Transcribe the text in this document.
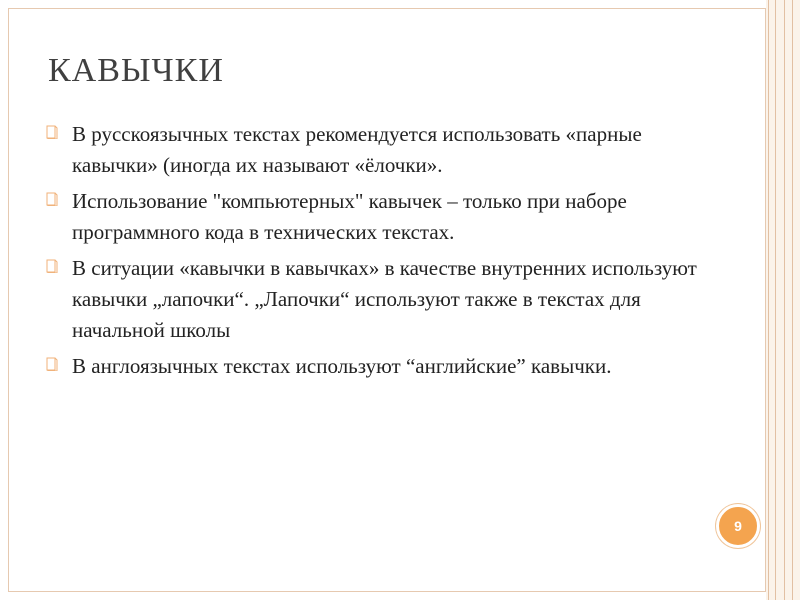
КАВЫЧКИ
В русскоязычных текстах рекомендуется использовать «парные кавычки» (иногда их называют «ёлочки».
Использование "компьютерных" кавычек – только при наборе программного кода в технических текстах.
В ситуации «кавычки в кавычках» в качестве внутренних используют кавычки „лапочки“. „Лапочки“ используют также в текстах для начальной школы
В англоязычных текстах используют “английские” кавычки.
9
